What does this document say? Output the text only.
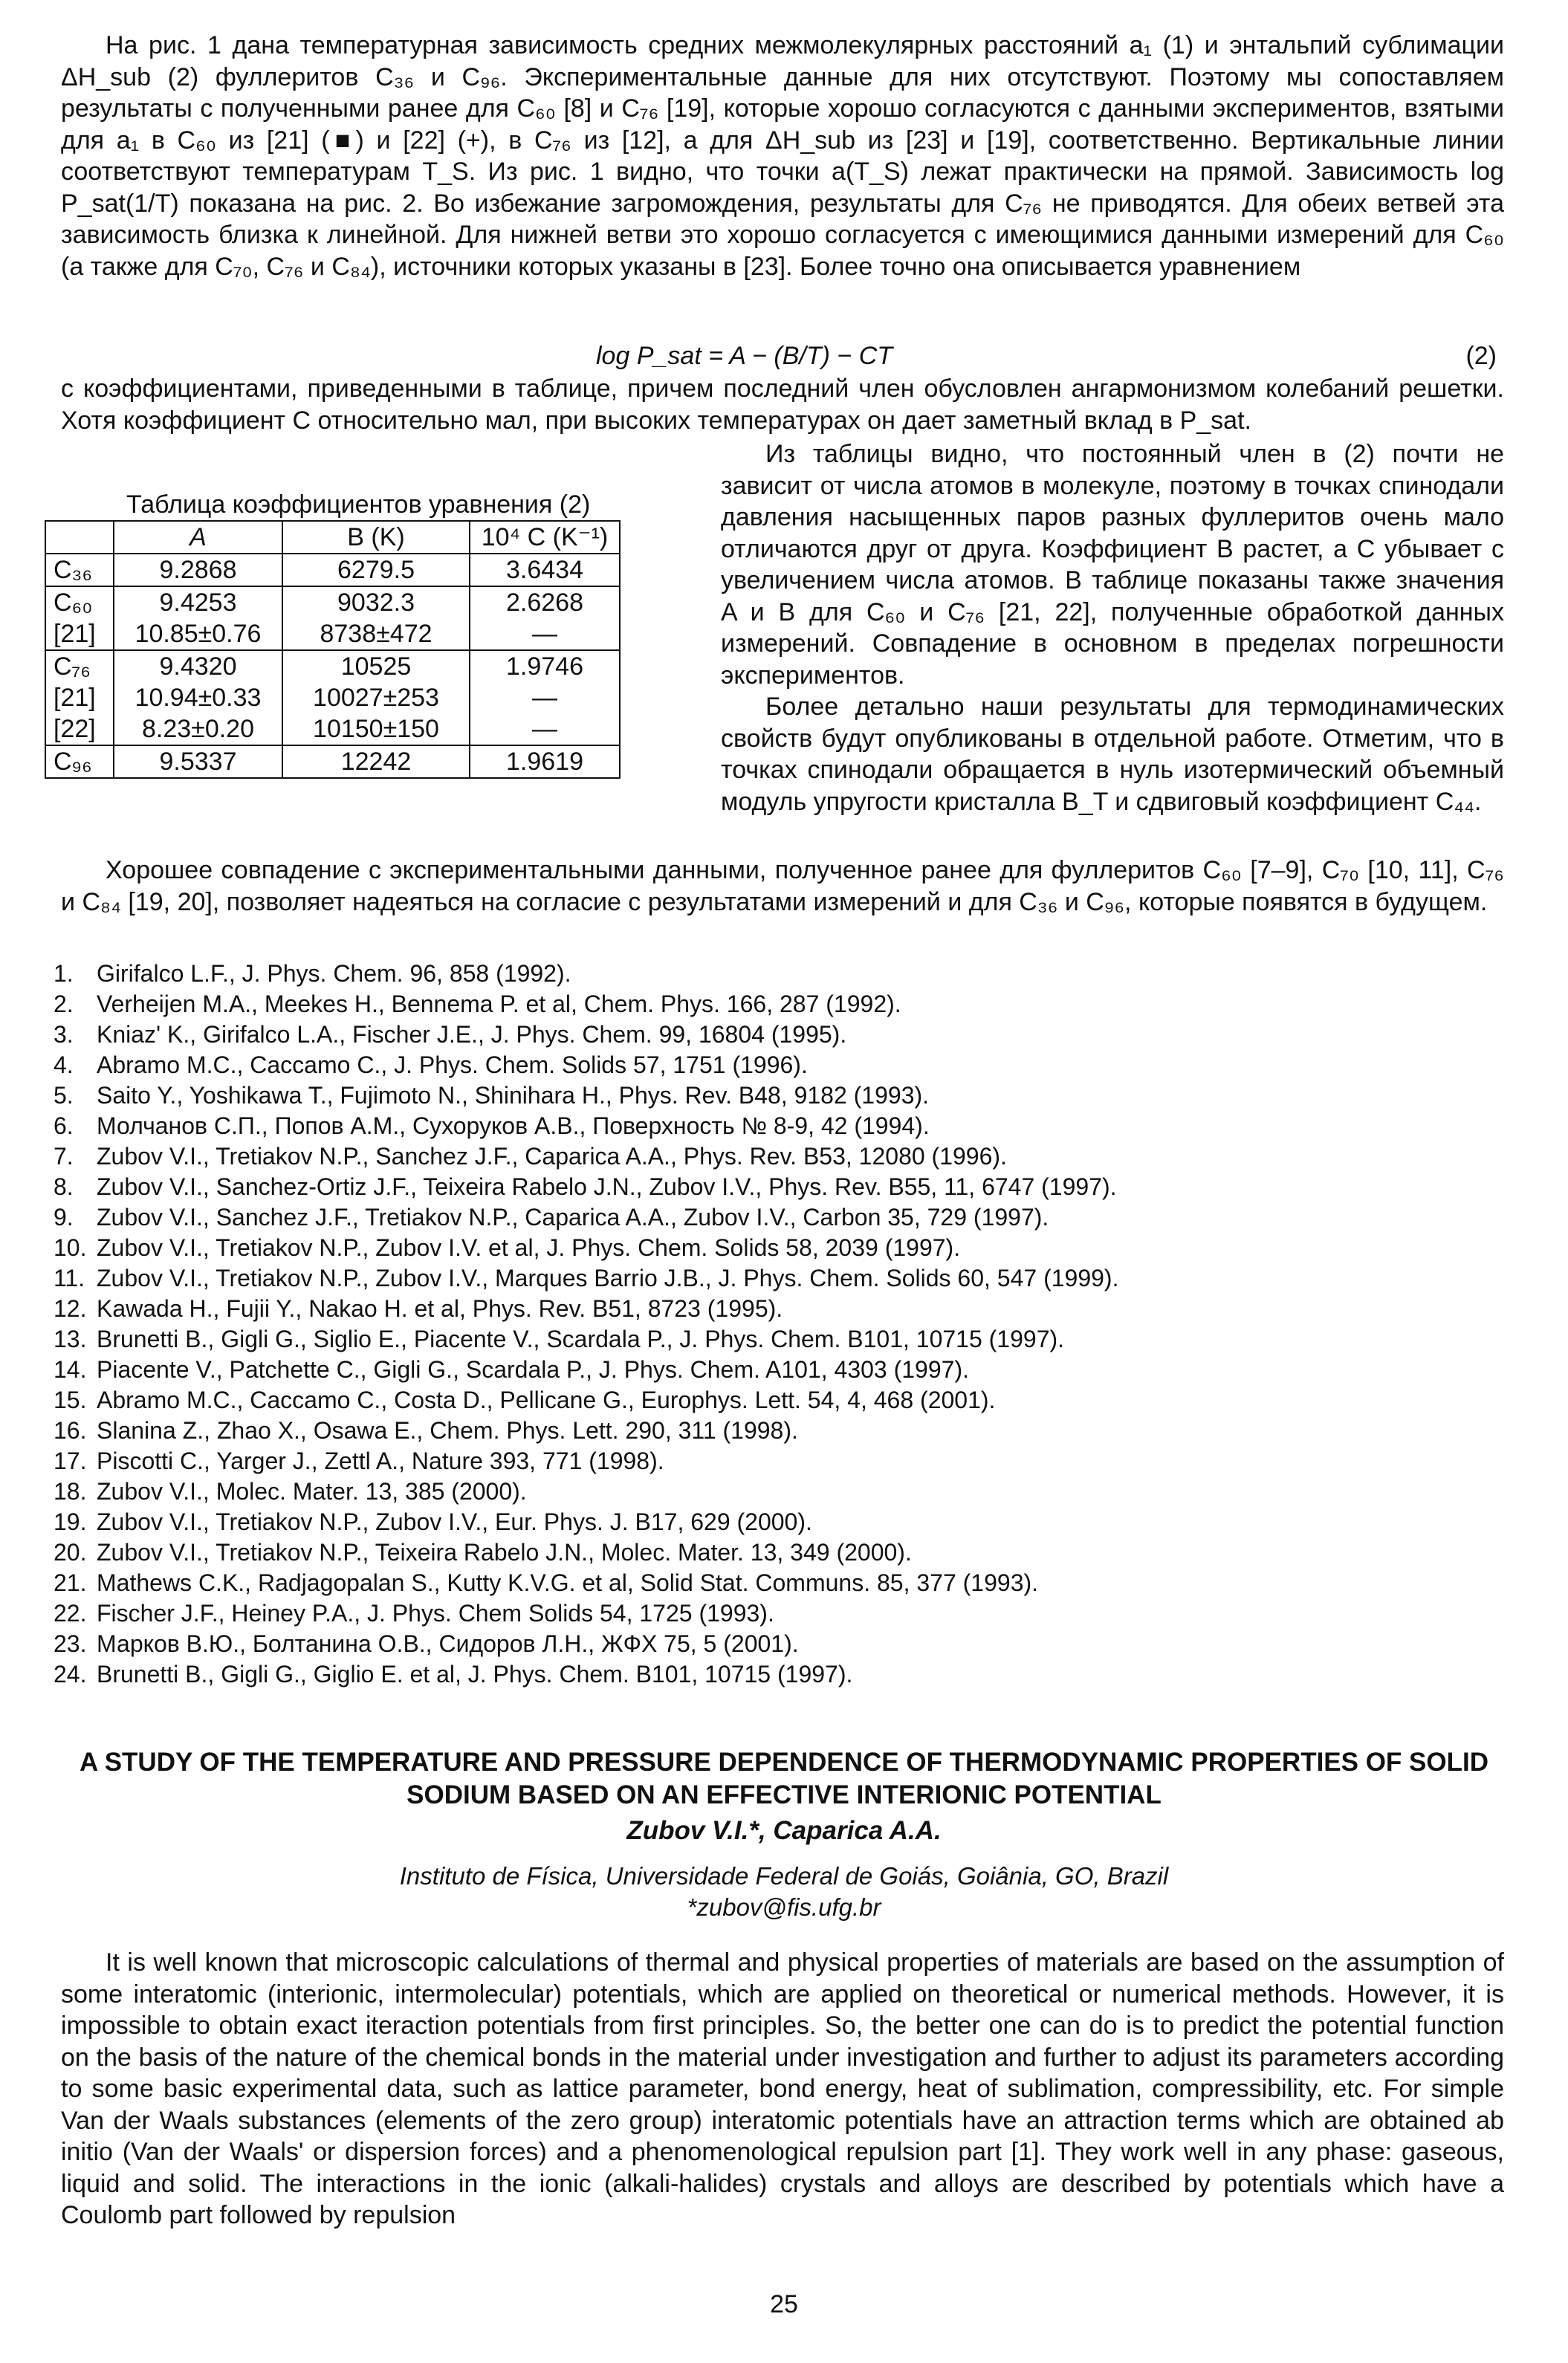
На рис. 1 дана температурная зависимость средних межмолекулярных расстояний a₁ (1) и энтальпий сублимации ΔH_sub (2) фуллеритов C₃₆ и C₉₆. Экспериментальные данные для них отсутствуют. Поэтому мы сопоставляем результаты с полученными ранее для C₆₀ [8] и C₇₆ [19], которые хорошо согласуются с данными экспериментов, взятыми для a₁ в C₆₀ из [21] (■) и [22] (+), в C₇₆ из [12], а для ΔH_sub из [23] и [19], соответственно. Вертикальные линии соответствуют температурам T_S. Из рис. 1 видно, что точки a(T_S) лежат практически на прямой. Зависимость log P_sat(1/T) показана на рис. 2. Во избежание загромождения, результаты для C₇₆ не приводятся. Для обеих ветвей эта зависимость близка к линейной. Для нижней ветви это хорошо согласуется с имеющимися данными измерений для C₆₀ (а также для C₇₀, C₇₆ и C₈₄), источники которых указаны в [23]. Более точно она описывается уравнением

log P_sat = A − (B/T) − CT	(2)

с коэффициентами, приведенными в таблице, причем последний член обусловлен ангармонизмом колебаний решетки. Хотя коэффициент C относительно мал, при высоких температурах он дает заметный вклад в P_sat.

Таблица коэффициентов уравнения (2)
	A	B (K)	10⁴ C (K⁻¹)
C₃₆	9.2868	6279.5	3.6434
C₆₀	9.4253	9032.3	2.6268
[21]	10.85±0.76	8738±472	—
C₇₆	9.4320	10525	1.9746
[21]	10.94±0.33	10027±253	—
[22]	8.23±0.20	10150±150	—
C₉₆	9.5337	12242	1.9619

Из таблицы видно, что постоянный член в (2) почти не зависит от числа атомов в молекуле, поэтому в точках спинодали давления насыщенных паров разных фуллеритов очень мало отличаются друг от друга. Коэффициент B растет, а C убывает с увеличением числа атомов. В таблице показаны также значения A и B для C₆₀ и C₇₆ [21, 22], полученные обработкой данных измерений. Совпадение в основном в пределах погрешности экспериментов.

Более детально наши результаты для термодинамических свойств будут опубликованы в отдельной работе. Отметим, что в точках спинодали обращается в нуль изотермический объемный модуль упругости кристалла B_T и сдвиговый коэффициент C₄₄.

Хорошее совпадение с экспериментальными данными, полученное ранее для фуллеритов C₆₀ [7–9], C₇₀ [10, 11], C₇₆ и C₈₄ [19, 20], позволяет надеяться на согласие с результатами измерений и для C₃₆ и C₉₆, которые появятся в будущем.

1. Girifalco L.F., J. Phys. Chem. 96, 858 (1992).
2. Verheijen M.A., Meekes H., Bennema P. et al, Chem. Phys. 166, 287 (1992).
3. Kniaz' K., Girifalco L.A., Fischer J.E., J. Phys. Chem. 99, 16804 (1995).
4. Abramo M.C., Caccamo C., J. Phys. Chem. Solids 57, 1751 (1996).
5. Saito Y., Yoshikawa T., Fujimoto N., Shinihara H., Phys. Rev. B48, 9182 (1993).
6. Молчанов С.П., Попов А.М., Сухоруков А.В., Поверхность № 8-9, 42 (1994).
7. Zubov V.I., Tretiakov N.P., Sanchez J.F., Caparica A.A., Phys. Rev. B53, 12080 (1996).
8. Zubov V.I., Sanchez-Ortiz J.F., Teixeira Rabelo J.N., Zubov I.V., Phys. Rev. B55, 11, 6747 (1997).
9. Zubov V.I., Sanchez J.F., Tretiakov N.P., Caparica A.A., Zubov I.V., Carbon 35, 729 (1997).
10. Zubov V.I., Tretiakov N.P., Zubov I.V. et al, J. Phys. Chem. Solids 58, 2039 (1997).
11. Zubov V.I., Tretiakov N.P., Zubov I.V., Marques Barrio J.B., J. Phys. Chem. Solids 60, 547 (1999).
12. Kawada H., Fujii Y., Nakao H. et al, Phys. Rev. B51, 8723 (1995).
13. Brunetti B., Gigli G., Siglio E., Piacente V., Scardala P., J. Phys. Chem. B101, 10715 (1997).
14. Piacente V., Patchette C., Gigli G., Scardala P., J. Phys. Chem. A101, 4303 (1997).
15. Abramo M.C., Caccamo C., Costa D., Pellicane G., Europhys. Lett. 54, 4, 468 (2001).
16. Slanina Z., Zhao X., Osawa E., Chem. Phys. Lett. 290, 311 (1998).
17. Piscotti C., Yarger J., Zettl A., Nature 393, 771 (1998).
18. Zubov V.I., Molec. Mater. 13, 385 (2000).
19. Zubov V.I., Tretiakov N.P., Zubov I.V., Eur. Phys. J. B17, 629 (2000).
20. Zubov V.I., Tretiakov N.P., Teixeira Rabelo J.N., Molec. Mater. 13, 349 (2000).
21. Mathews C.K., Radjagopalan S., Kutty K.V.G. et al, Solid Stat. Communs. 85, 377 (1993).
22. Fischer J.F., Heiney P.A., J. Phys. Chem Solids 54, 1725 (1993).
23. Марков В.Ю., Болтанина О.В., Сидоров Л.Н., ЖФХ 75, 5 (2001).
24. Brunetti B., Gigli G., Giglio E. et al, J. Phys. Chem. B101, 10715 (1997).
A STUDY OF THE TEMPERATURE AND PRESSURE DEPENDENCE OF THERMODYNAMIC PROPERTIES OF SOLID SODIUM BASED ON AN EFFECTIVE INTERIONIC POTENTIAL
Zubov V.I.*, Caparica A.A.
Instituto de Física, Universidade Federal de Goiás, Goiânia, GO, Brazil
*zubov@fis.ufg.br

It is well known that microscopic calculations of thermal and physical properties of materials are based on the assumption of some interatomic (interionic, intermolecular) potentials, which are applied on theoretical or numerical methods. However, it is impossible to obtain exact iteraction potentials from first principles. So, the better one can do is to predict the potential function on the basis of the nature of the chemical bonds in the material under investigation and further to adjust its parameters according to some basic experimental data, such as lattice parameter, bond energy, heat of sublimation, compressibility, etc. For simple Van der Waals substances (elements of the zero group) interatomic potentials have an attraction terms which are obtained ab initio (Van der Waals' or dispersion forces) and a phenomenological repulsion part [1]. They work well in any phase: gaseous, liquid and solid. The interactions in the ionic (alkali-halides) crystals and alloys are described by potentials which have a Coulomb part followed by repulsion

25
